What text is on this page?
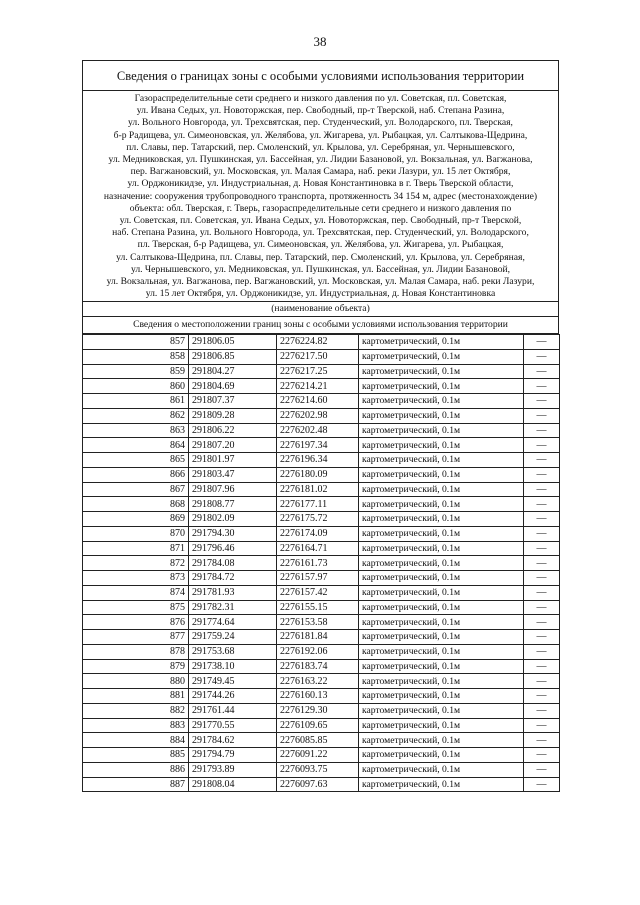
38
Сведения о границах зоны с особыми условиями использования территории
Газораспределительные сети среднего и низкого давления по ул. Советская, пл. Советская,
ул. Ивана Седых, ул. Новоторжская, пер. Свободный, пр-т Тверской, наб. Степана Разина,
ул. Вольного Новгорода, ул. Трехсвятская, пер. Студенческий, ул. Володарского, пл. Тверская,
б-р Радищева, ул. Симеоновская, ул. Желябова, ул. Жигарева, ул. Рыбацкая, ул. Салтыкова-Щедрина,
пл. Славы, пер. Татарский, пер. Смоленский, ул. Крылова, ул. Серебряная, ул. Чернышевского,
ул. Медниковская, ул. Пушкинская, ул. Бассейная, ул. Лидии Базановой, ул. Вокзальная, ул. Вагжанова,
пер. Вагжановский, ул. Московская, ул. Малая Самара, наб. реки Лазури, ул. 15 лет Октября,
ул. Орджоникидзе, ул. Индустриальная, д. Новая Константиновка в г. Тверь Тверской области,
назначение: сооружения трубопроводного транспорта, протяженность 34 154 м, адрес (местонахождение)
объекта: обл. Тверская, г. Тверь, газораспределительные сети среднего и низкого давления по
ул. Советская, пл. Советская, ул. Ивана Седых, ул. Новоторжская, пер. Свободный, пр-т Тверской,
наб. Степана Разина, ул. Вольного Новгорода, ул. Трехсвятская, пер. Студенческий, ул. Володарского,
пл. Тверская, б-р Радищева, ул. Симеоновская, ул. Желябова, ул. Жигарева, ул. Рыбацкая,
ул. Салтыкова-Щедрина, пл. Славы, пер. Татарский, пер. Смоленский, ул. Крылова, ул. Серебряная,
ул. Чернышевского, ул. Медниковская, ул. Пушкинская, ул. Бассейная, ул. Лидии Базановой,
ул. Вокзальная, ул. Вагжанова, пер. Вагжановский, ул. Московская, ул. Малая Самара, наб. реки Лазури,
ул. 15 лет Октября, ул. Орджоникидзе, ул. Индустриальная, д. Новая Константиновка
(наименование объекта)
Сведения о местоположении границ зоны с особыми условиями использования территории
857	291806.05	2276224.82	картометрический, 0.1м	—
858	291806.85	2276217.50	картометрический, 0.1м	—
859	291804.27	2276217.25	картометрический, 0.1м	—
860	291804.69	2276214.21	картометрический, 0.1м	—
861	291807.37	2276214.60	картометрический, 0.1м	—
862	291809.28	2276202.98	картометрический, 0.1м	—
863	291806.22	2276202.48	картометрический, 0.1м	—
864	291807.20	2276197.34	картометрический, 0.1м	—
865	291801.97	2276196.34	картометрический, 0.1м	—
866	291803.47	2276180.09	картометрический, 0.1м	—
867	291807.96	2276181.02	картометрический, 0.1м	—
868	291808.77	2276177.11	картометрический, 0.1м	—
869	291802.09	2276175.72	картометрический, 0.1м	—
870	291794.30	2276174.09	картометрический, 0.1м	—
871	291796.46	2276164.71	картометрический, 0.1м	—
872	291784.08	2276161.73	картометрический, 0.1м	—
873	291784.72	2276157.97	картометрический, 0.1м	—
874	291781.93	2276157.42	картометрический, 0.1м	—
875	291782.31	2276155.15	картометрический, 0.1м	—
876	291774.64	2276153.58	картометрический, 0.1м	—
877	291759.24	2276181.84	картометрический, 0.1м	—
878	291753.68	2276192.06	картометрический, 0.1м	—
879	291738.10	2276183.74	картометрический, 0.1м	—
880	291749.45	2276163.22	картометрический, 0.1м	—
881	291744.26	2276160.13	картометрический, 0.1м	—
882	291761.44	2276129.30	картометрический, 0.1м	—
883	291770.55	2276109.65	картометрический, 0.1м	—
884	291784.62	2276085.85	картометрический, 0.1м	—
885	291794.79	2276091.22	картометрический, 0.1м	—
886	291793.89	2276093.75	картометрический, 0.1м	—
887	291808.04	2276097.63	картометрический, 0.1м	—
